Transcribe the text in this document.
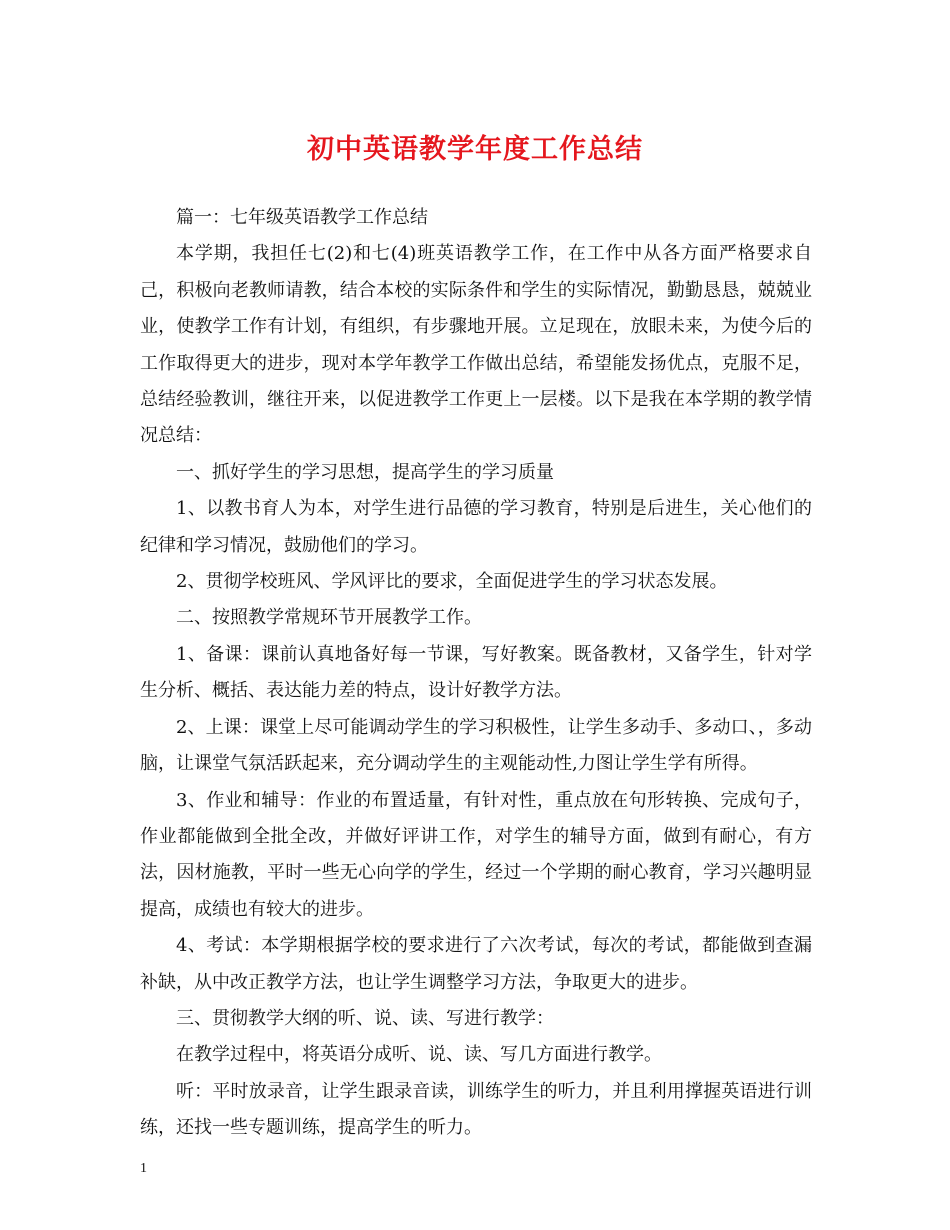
初中英语教学年度工作总结

篇一：七年级英语教学工作总结

本学期，我担任七(2)和七(4)班英语教学工作，在工作中从各方面严格要求自己，积极向老教师请教，结合本校的实际条件和学生的实际情况，勤勤恳恳，兢兢业业，使教学工作有计划，有组织，有步骤地开展。立足现在，放眼未来，为使今后的工作取得更大的进步，现对本学年教学工作做出总结，希望能发扬优点，克服不足，总结经验教训，继往开来，以促进教学工作更上一层楼。以下是我在本学期的教学情况总结：

一、抓好学生的学习思想，提高学生的学习质量

1、以教书育人为本，对学生进行品德的学习教育，特别是后进生，关心他们的纪律和学习情况，鼓励他们的学习。

2、贯彻学校班风、学风评比的要求，全面促进学生的学习状态发展。

二、按照教学常规环节开展教学工作。

1、备课：课前认真地备好每一节课，写好教案。既备教材，又备学生，针对学生分析、概括、表达能力差的特点，设计好教学方法。

2、上课：课堂上尽可能调动学生的学习积极性，让学生多动手、多动口、，多动脑，让课堂气氛活跃起来，充分调动学生的主观能动性,力图让学生学有所得。

3、作业和辅导：作业的布置适量，有针对性，重点放在句形转换、完成句子，作业都能做到全批全改，并做好评讲工作，对学生的辅导方面，做到有耐心，有方法，因材施教，平时一些无心向学的学生，经过一个学期的耐心教育，学习兴趣明显提高，成绩也有较大的进步。

4、考试：本学期根据学校的要求进行了六次考试，每次的考试，都能做到查漏补缺，从中改正教学方法，也让学生调整学习方法，争取更大的进步。

三、贯彻教学大纲的听、说、读、写进行教学：

在教学过程中，将英语分成听、说、读、写几方面进行教学。

听：平时放录音，让学生跟录音读，训练学生的听力，并且利用撑握英语进行训练，还找一些专题训练，提高学生的听力。

1
